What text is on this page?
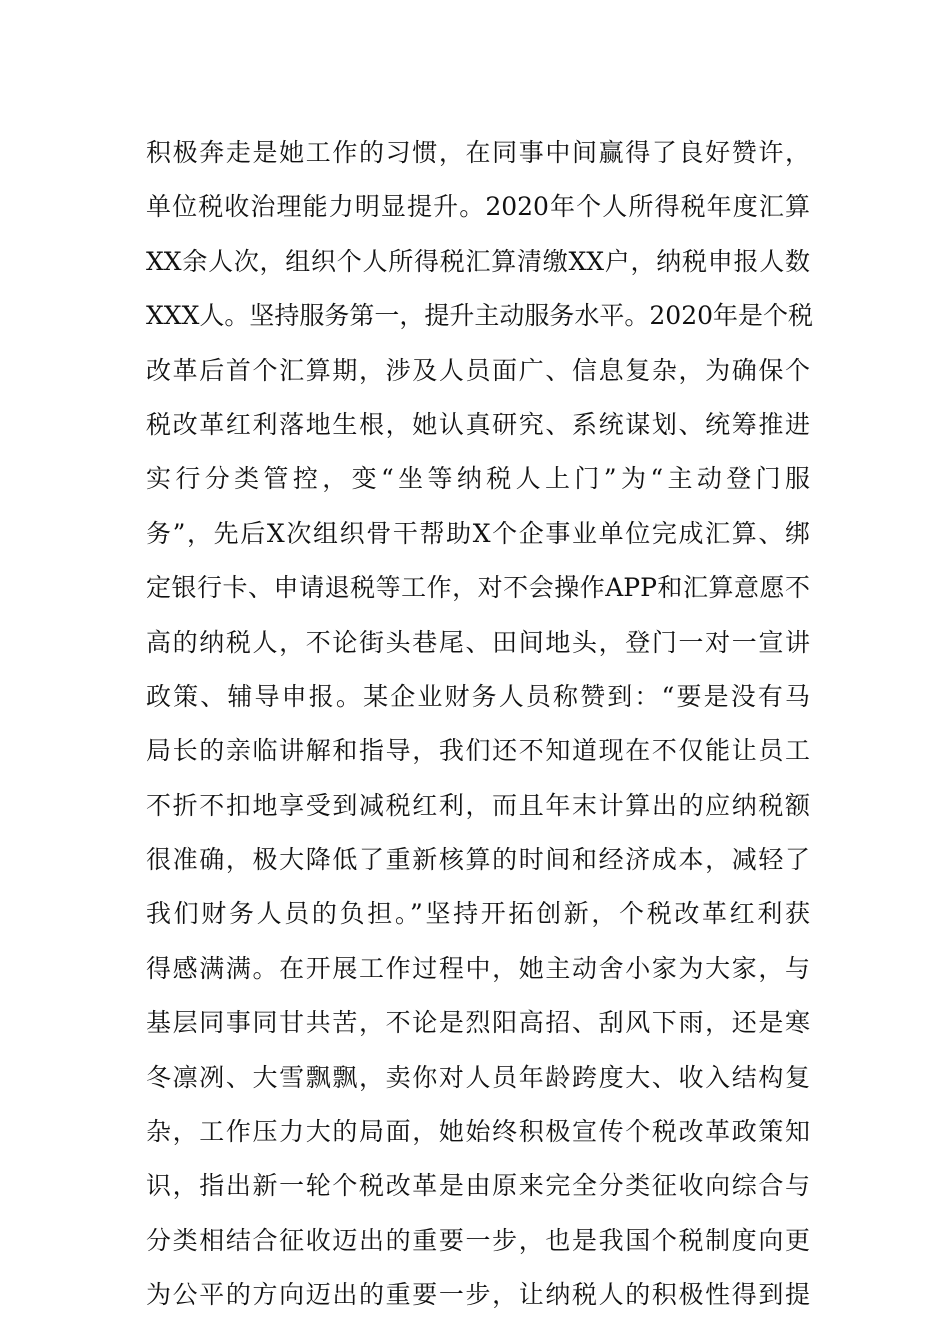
积极奔走是她工作的习惯，在同事中间赢得了良好赞许，

单位税收治理能力明显提升。2020年个人所得税年度汇算

XX余人次，组织个人所得税汇算清缴XX户，纳税申报人数

XXX人。坚持服务第一，提升主动服务水平。2020年是个税

改革后首个汇算期，涉及人员面广、信息复杂，为确保个

税改革红利落地生根，她认真研究、系统谋划、统筹推进

实行分类管控，变“坐等纳税人上门”为“主动登门服

务”，先后X次组织骨干帮助X个企事业单位完成汇算、绑

定银行卡、申请退税等工作，对不会操作APP和汇算意愿不

高的纳税人，不论街头巷尾、田间地头，登门一对一宣讲

政策、辅导申报。某企业财务人员称赞到：“要是没有马

局长的亲临讲解和指导，我们还不知道现在不仅能让员工

不折不扣地享受到减税红利，而且年末计算出的应纳税额

很准确，极大降低了重新核算的时间和经济成本，减轻了

我们财务人员的负担。”坚持开拓创新，个税改革红利获

得感满满。在开展工作过程中，她主动舍小家为大家，与

基层同事同甘共苦，不论是烈阳高招、刮风下雨，还是寒

冬凛冽、大雪飘飘，卖你对人员年龄跨度大、收入结构复

杂，工作压力大的局面，她始终积极宣传个税改革政策知

识，指出新一轮个税改革是由原来完全分类征收向综合与

分类相结合征收迈出的重要一步，也是我国个税制度向更

为公平的方向迈出的重要一步，让纳税人的积极性得到提
